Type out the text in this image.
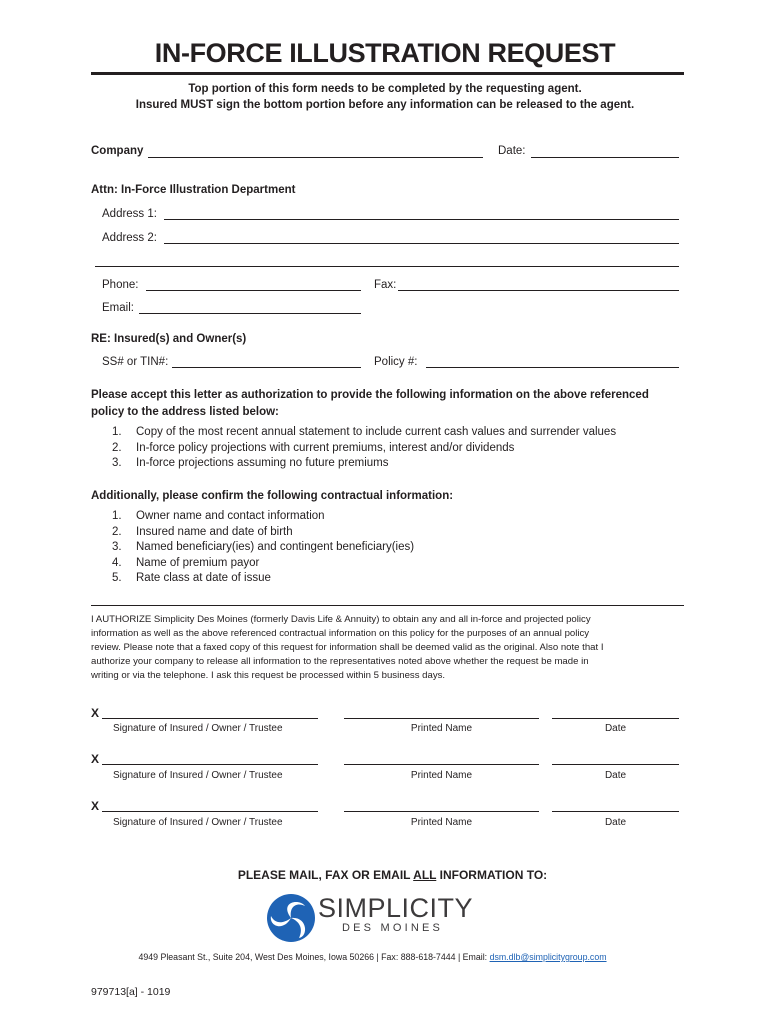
IN-FORCE ILLUSTRATION REQUEST
Top portion of this form needs to be completed by the requesting agent.
Insured MUST sign the bottom portion before any information can be released to the agent.
Company	Date:
Attn: In-Force Illustration Department
Address 1:
Address 2:
Phone:	Fax:
Email:
RE: Insured(s) and Owner(s)
SS# or TIN#:	Policy #:
Please accept this letter as authorization to provide the following information on the above referenced
policy to the address listed below:
1.	Copy of the most recent annual statement to include current cash values and surrender values
2.	In-force policy projections with current premiums, interest and/or dividends
3.	In-force projections assuming no future premiums
Additionally, please confirm the following contractual information:
1.	Owner name and contact information
2.	Insured name and date of birth
3.	Named beneficiary(ies) and contingent beneficiary(ies)
4.	Name of premium payor
5.	Rate class at date of issue
I AUTHORIZE Simplicity Des Moines (formerly Davis Life & Annuity) to obtain any and all in-force and projected policy
information as well as the above referenced contractual information on this policy for the purposes of an annual policy
review. Please note that a faxed copy of this request for information shall be deemed valid as the original. Also note that I
authorize your company to release all information to the representatives noted above whether the request be made in
writing or via the telephone. I ask this request be processed within 5 business days.
X
Signature of Insured / Owner / Trustee	Printed Name	Date
X
Signature of Insured / Owner / Trustee	Printed Name	Date
X
Signature of Insured / Owner / Trustee	Printed Name	Date
PLEASE MAIL, FAX OR EMAIL ALL INFORMATION TO:
SIMPLICITY
DES MOINES
4949 Pleasant St., Suite 204, West Des Moines, Iowa 50266 | Fax: 888-618-7444 | Email: dsm.dlb@simplicitygroup.com
979713[a] - 1019
